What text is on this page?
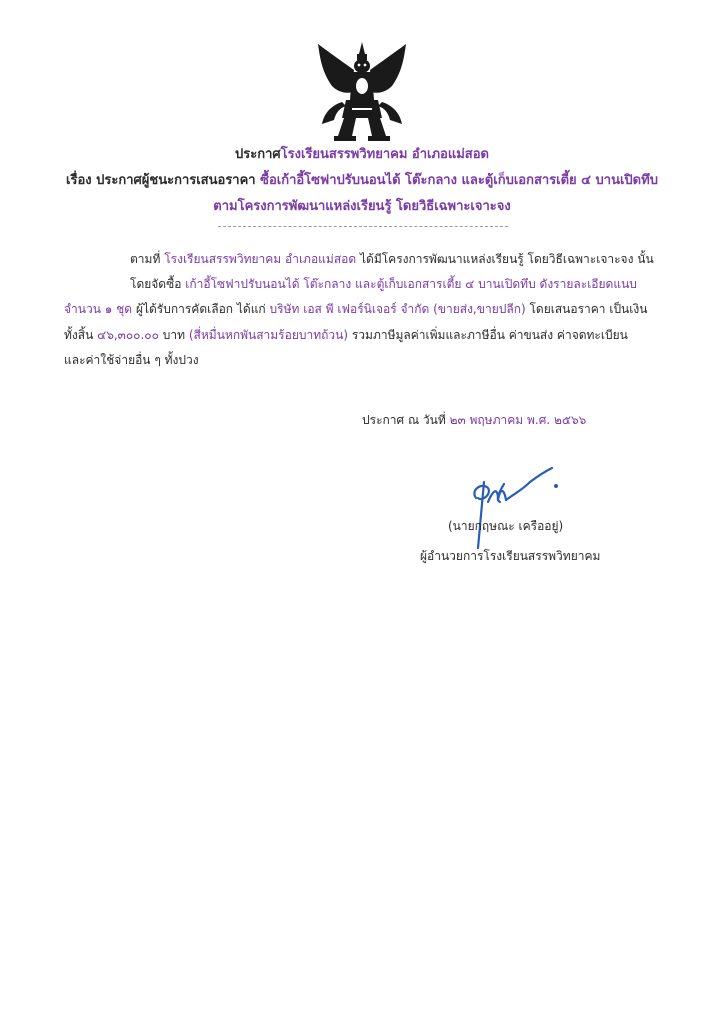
ประกาศโรงเรียนสรรพวิทยาคม อำเภอแม่สอด
เรื่อง ประกาศผู้ชนะการเสนอราคา ซื้อเก้าอี้โซฟาปรับนอนได้ โต๊ะกลาง และตู้เก็บเอกสารเตี้ย ๔ บานเปิดทึบ
ตามโครงการพัฒนาแหล่งเรียนรู้ โดยวิธีเฉพาะเจาะจง
ตามที่ โรงเรียนสรรพวิทยาคม อำเภอแม่สอด ได้มีโครงการพัฒนาแหล่งเรียนรู้ โดยวิธีเฉพาะเจาะจง นั้น
โดยจัดซื้อ เก้าอี้โซฟาปรับนอนได้ โต๊ะกลาง และตู้เก็บเอกสารเตี้ย ๔ บานเปิดทึบ ดังรายละเอียดแนบ
จำนวน ๑ ชุด ผู้ได้รับการคัดเลือก ได้แก่ บริษัท เอส พี เฟอร์นิเจอร์ จำกัด (ขายส่ง,ขายปลีก) โดยเสนอราคา เป็นเงิน
ทั้งสิ้น ๔๖,๓๐๐.๐๐ บาท (สี่หมื่นหกพันสามร้อยบาทถ้วน) รวมภาษีมูลค่าเพิ่มและภาษีอื่น ค่าขนส่ง ค่าจดทะเบียน
และค่าใช้จ่ายอื่น ๆ ทั้งปวง
ประกาศ ณ วันที่ ๒๓ พฤษภาคม พ.ศ. ๒๕๖๖
(นายกฤษณะ เครืออยู่)
ผู้อำนวยการโรงเรียนสรรพวิทยาคม
